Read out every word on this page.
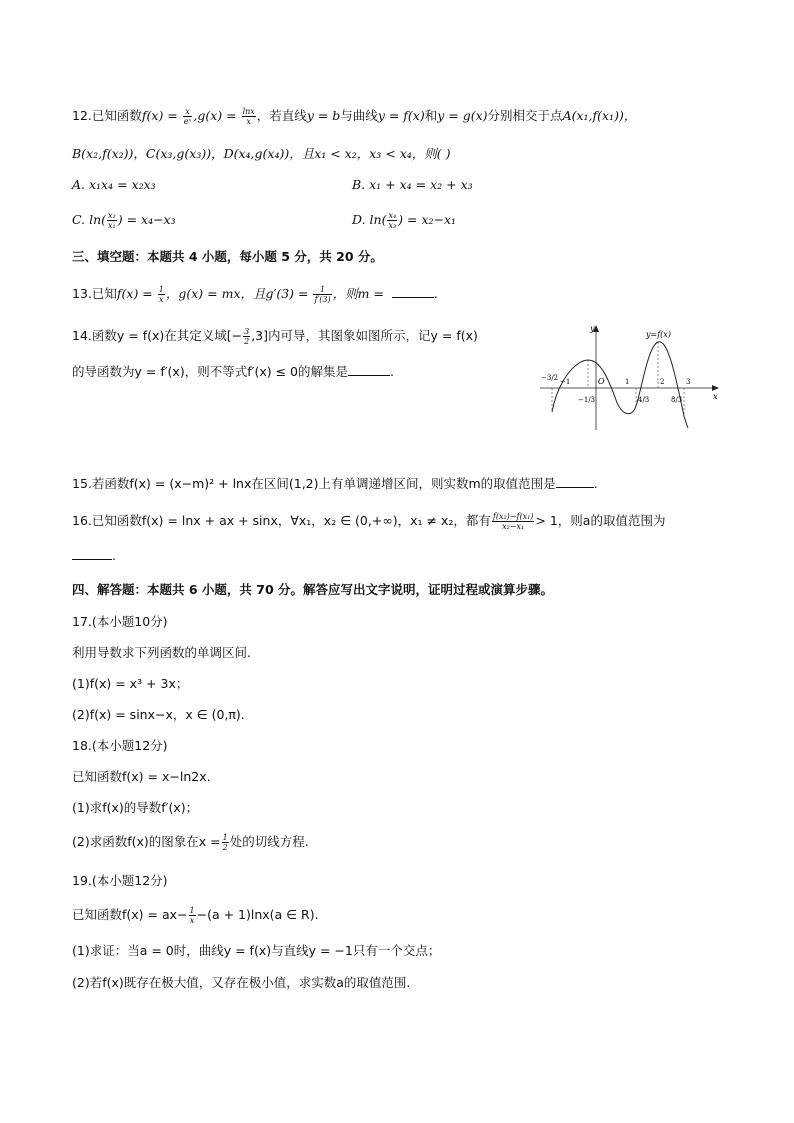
12.已知函数$f(x) = \frac{x}{\text{eˣ}} ,g(x) = \frac{\ln x}{x}$ ，若直线y = b与曲线y = f(x)和y = g(x)分别相交于点A(x₁,f(x₁))，
B(x₂,f(x₂))，C(x₃,g(x₃))，D(x₄,g(x₄))，且x₁ < x₂，x₃ < x₄，则( )
A. x₁x₄ = x₂x₃	B. x₁ + x₄ = x₂ + x₃
C. $\ln( \frac{\text{x₂}}{\text{x₁}}$ ) = x₄−x₃	D. $\ln( \frac{\text{x₄}}{\text{x₃}}$ ) = x₂−x₁
三、填空题：本题共 4 小题，每小题 5 分，共 20 分。
13.已知$f(x) = \frac{1}{x}$ ，g(x) = mx，且$g'(3) = \frac{1}{f'(3)}$ ，则m =	.
14.函数y = f(x)在其定义域[− $\frac{3}{2} ,3$]内可导，其图象如图所示，记y = f(x)
的导函数为y = f′(x)，则不等式f′(x) ≤ 0的解集是	.
y=f(x)
y
x
O
−3/2 −1	1	2	3
−1/3	4/3	8/3
15.若函数f(x) = (x−m)² + lnx在区间(1,2)上有单调递增区间，则实数m的取值范围是	.
16.已知函数f(x) = lnx + ax + sinx，∀x₁，x₂ ∈ (0,+∞)，x₁ ≠ x₂，都有 $\frac{\text{f(x₂)−f(x₁)}}{\text{x₂−x₁}} > 1$，则a的取值范围为
.
四、解答题：本题共 6 小题，共 70 分。解答应写出文字说明，证明过程或演算步骤。
17.(本小题10分)
利用导数求下列函数的单调区间.
(1)f(x) = x³ + 3x；
(2)f(x) = sinx−x，x ∈ (0,π).
18.(本小题12分)
已知函数f(x) = x−ln2x.
(1)求f(x)的导数f′(x)；
(2)求函数f(x)的图象在$x = \frac{1}{2}$ 处的切线方程.
19.(本小题12分)
已知函数$f(x) = ax- \frac{1}{x} -(a + 1)\ln x(a$ ∈ R).
(1)求证：当a = 0时，曲线y = f(x)与直线y = −1只有一个交点；
(2)若f(x)既存在极大值，又存在极小值，求实数a的取值范围.
